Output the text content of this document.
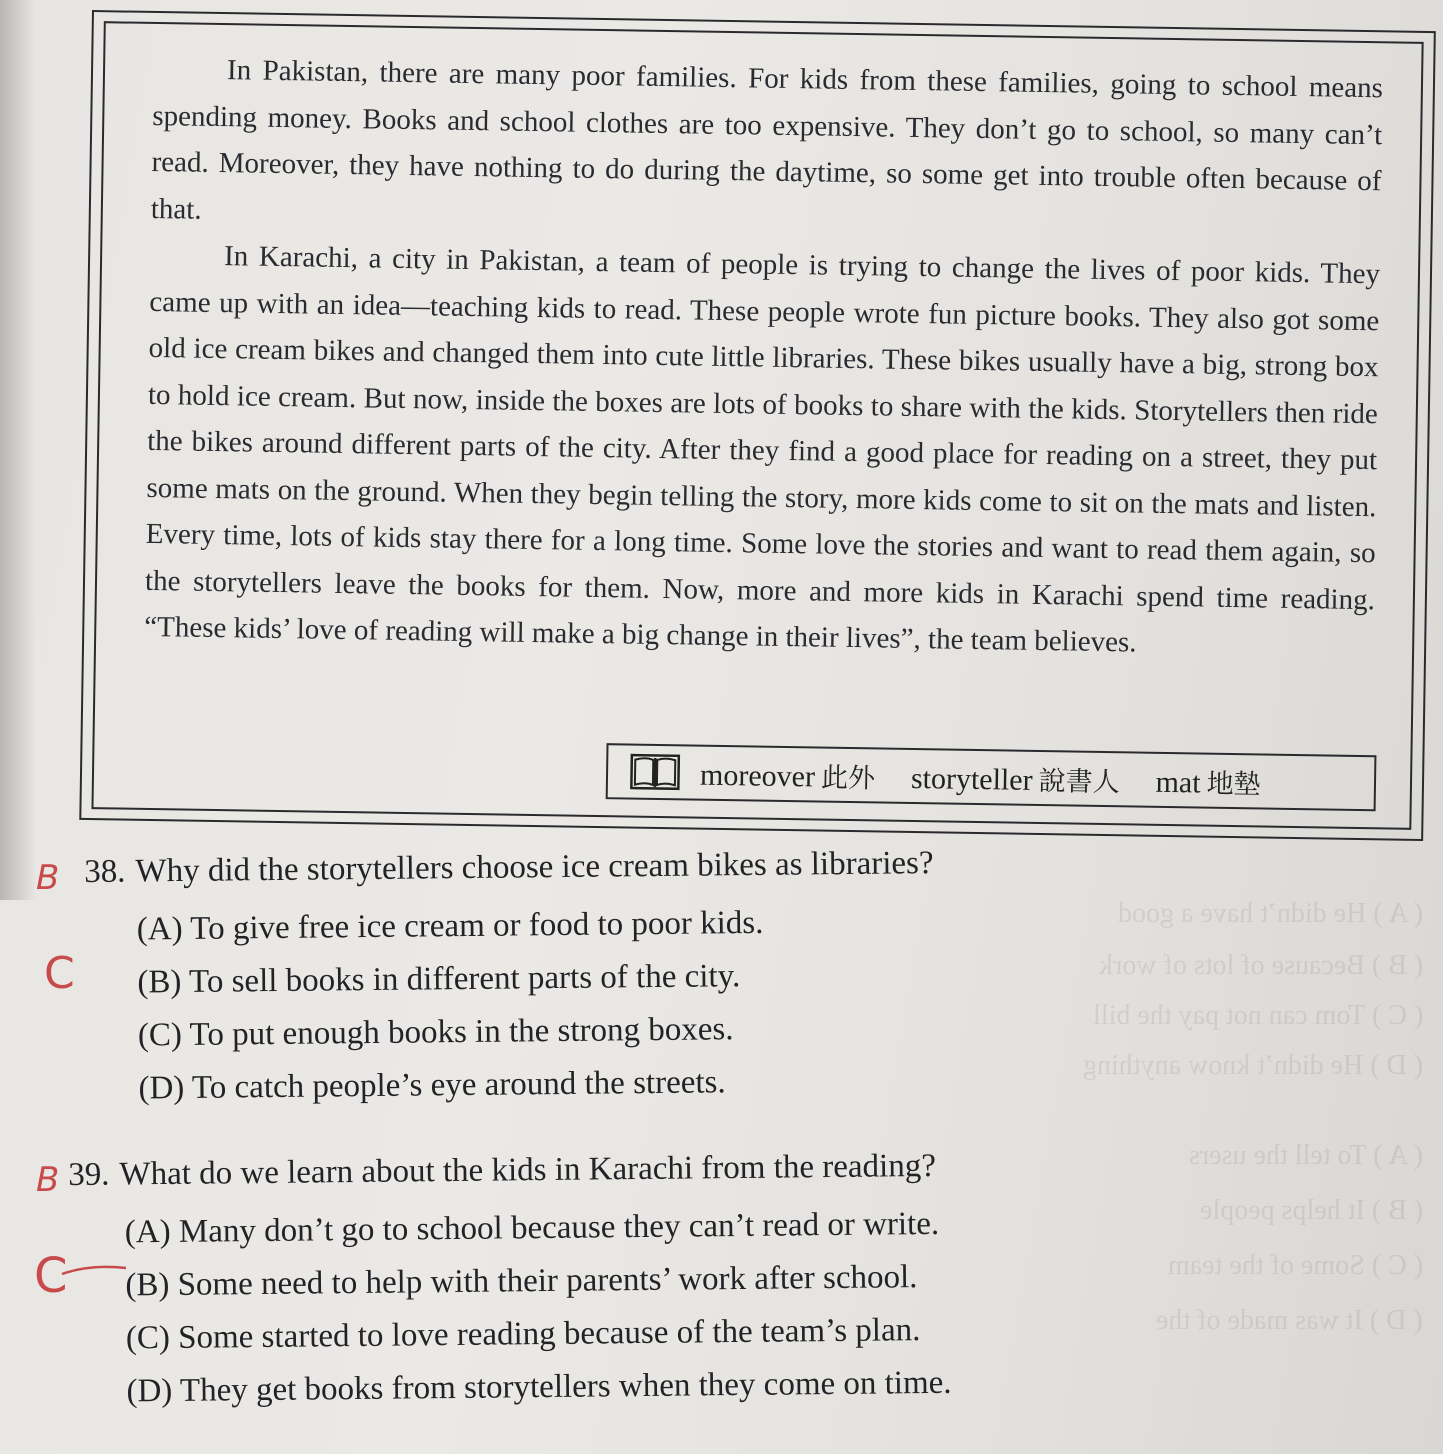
( A ) He didn’t have a good
( B ) Because of lots of work
( C ) Tom can not pay the bill
( D ) He didn’t know anything
( A ) To tell the users
( B ) It helps people
( C ) Some of the team
( D ) It was made of the

In Pakistan, there are many poor families. For kids from these families, going to school means spending money. Books and school clothes are too expensive. They don’t go to school, so many can’t read. Moreover, they have nothing to do during the daytime, so some get into trouble often because of that.

In Karachi, a city in Pakistan, a team of people is trying to change the lives of poor kids. They came up with an idea—teaching kids to read. These people wrote fun picture books. They also got some old ice cream bikes and changed them into cute little libraries. These bikes usually have a big, strong box to hold ice cream. But now, inside the boxes are lots of books to share with the kids. Storytellers then ride the bikes around different parts of the city. After they find a good place for reading on a street, they put some mats on the ground. When they begin telling the story, more kids come to sit on the mats and listen. Every time, lots of kids stay there for a long time. Some love the stories and want to read them again, so the storytellers leave the books for them. Now, more and more kids in Karachi spend time reading. “These kids’ love of reading will make a big change in their lives”, the team believes.

moreover 此外 storyteller 說書人 mat 地墊
38. Why did the storytellers choose ice cream bikes as libraries?
(A) To give free ice cream or food to poor kids.
(B) To sell books in different parts of the city.
(C) To put enough books in the strong boxes.
(D) To catch people’s eye around the streets.
39. What do we learn about the kids in Karachi from the reading?
(A) Many don’t go to school because they can’t read or write.
(B) Some need to help with their parents’ work after school.
(C) Some started to love reading because of the team’s plan.
(D) They get books from storytellers when they come on time.
B
C
B
C
